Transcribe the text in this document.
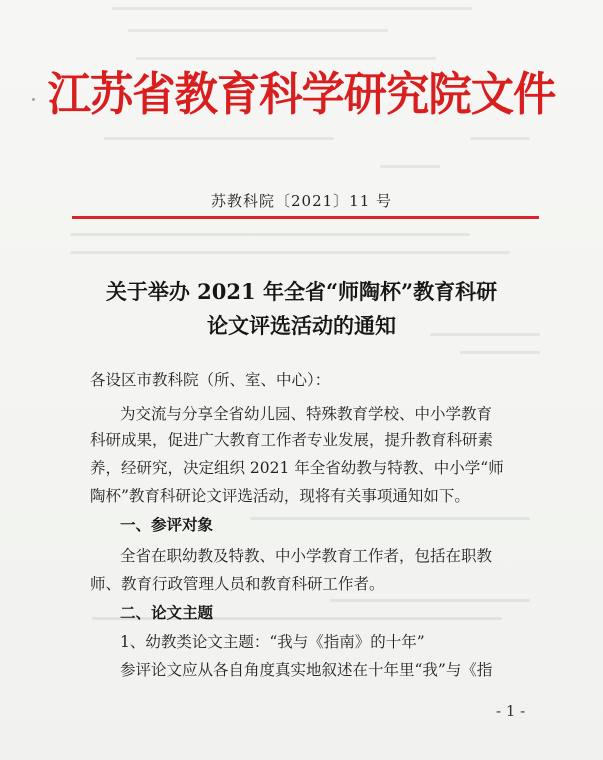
江苏省教育科学研究院文件
苏教科院〔2021〕11 号
关于举办 2021 年全省“师陶杯”教育科研
论文评选活动的通知
各设区市教科院（所、室、中心）：
为交流与分享全省幼儿园、特殊教育学校、中小学教育
科研成果，促进广大教育工作者专业发展，提升教育科研素
养，经研究，决定组织 2021 年全省幼教与特教、中小学“师
陶杯”教育科研论文评选活动，现将有关事项通知如下。
一、参评对象
全省在职幼教及特教、中小学教育工作者，包括在职教
师、教育行政管理人员和教育科研工作者。
二、论文主题
1、幼教类论文主题：“我与《指南》的十年”
参评论文应从各自角度真实地叙述在十年里“我”与《指
- 1 -
